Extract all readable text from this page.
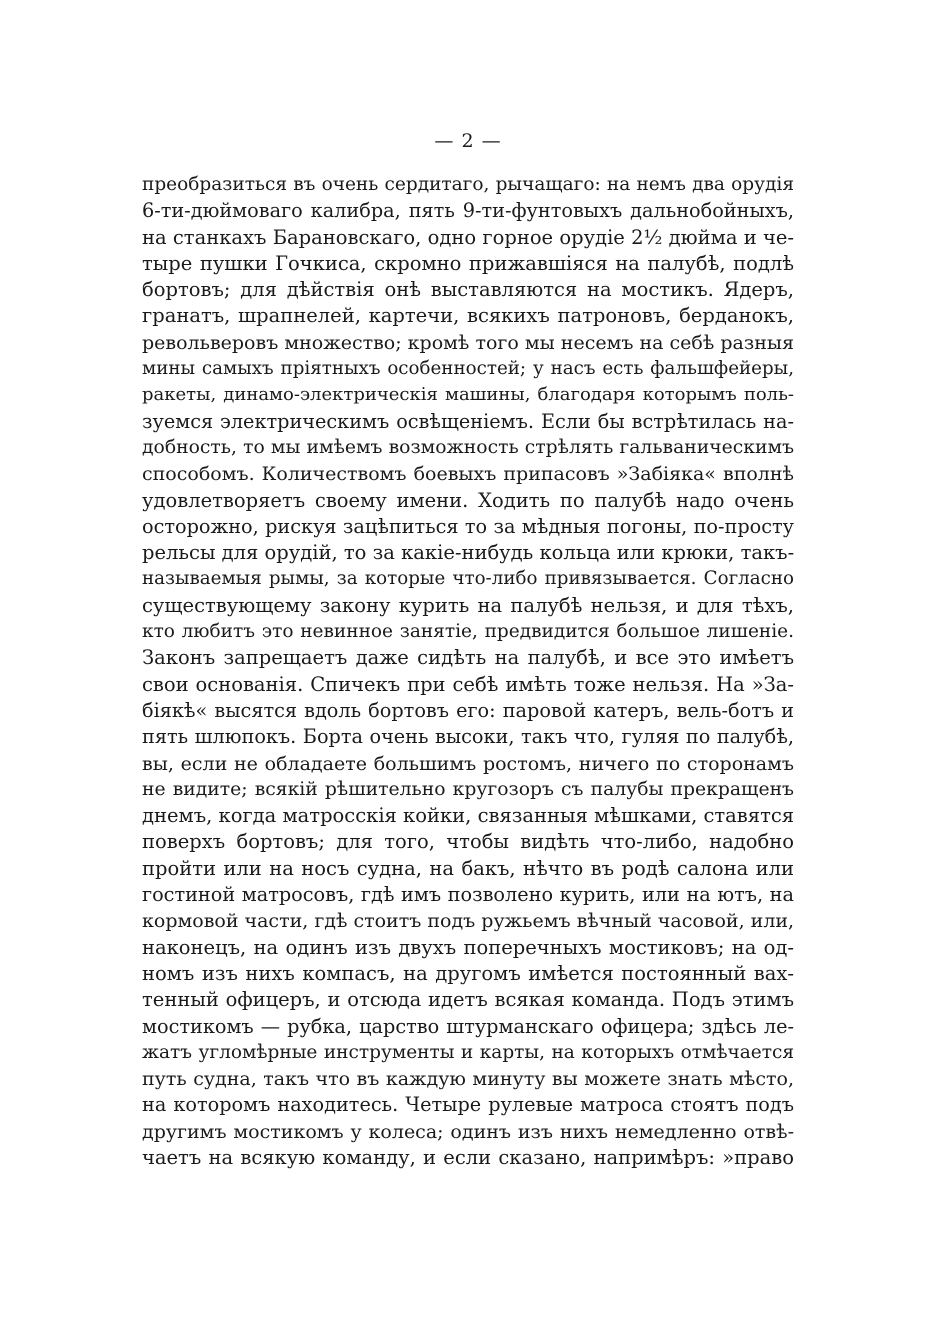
— 2 —
преобразиться въ очень сердитаго, рычащаго: на немъ два орудія
6-ти-дюймоваго калибра, пять 9-ти-фунтовыхъ дальнобойныхъ,
на станкахъ Барановскаго, одно горное орудіе 2½ дюйма и че-
тыре пушки Гочкиса, скромно прижавшіяся на палубѣ, подлѣ
бортовъ; для дѣйствія онѣ выставляются на мостикъ. Ядеръ,
гранатъ, шрапнелей, картечи, всякихъ патроновъ, берданокъ,
револьверовъ множество; кромѣ того мы несемъ на себѣ разныя
мины самыхъ пріятныхъ особенностей; у насъ есть фальшфейеры,
ракеты, динамо-электрическія машины, благодаря которымъ поль-
зуемся электрическимъ освѣщеніемъ. Если бы встрѣтилась на-
добность, то мы имѣемъ возможность стрѣлять гальваническимъ
способомъ. Количествомъ боевыхъ припасовъ »Забіяка« вполнѣ
удовлетворяетъ своему имени. Ходить по палубѣ надо очень
осторожно, рискуя зацѣпиться то за мѣдныя погоны, по-просту
рельсы для орудій, то за какіе-нибудь кольца или крюки, такъ-
называемыя рымы, за которые что-либо привязывается. Согласно
существующему закону курить на палубѣ нельзя, и для тѣхъ,
кто любитъ это невинное занятіе, предвидится большое лишеніе.
Законъ запрещаетъ даже сидѣть на палубѣ, и все это имѣетъ
свои основанія. Спичекъ при себѣ имѣть тоже нельзя. На »За-
біякѣ« высятся вдоль бортовъ его: паровой катеръ, вель-ботъ и
пять шлюпокъ. Борта очень высоки, такъ что, гуляя по палубѣ,
вы, если не обладаете большимъ ростомъ, ничего по сторонамъ
не видите; всякій рѣшительно кругозоръ съ палубы прекращенъ
днемъ, когда матросскія койки, связанныя мѣшками, ставятся
поверхъ бортовъ; для того, чтобы видѣть что-либо, надобно
пройти или на носъ судна, на бакъ, нѣчто въ родѣ салона или
гостиной матросовъ, гдѣ имъ позволено курить, или на ютъ, на
кормовой части, гдѣ стоитъ подъ ружьемъ вѣчный часовой, или,
наконецъ, на одинъ изъ двухъ поперечныхъ мостиковъ; на од-
номъ изъ нихъ компасъ, на другомъ имѣется постоянный вах-
тенный офицеръ, и отсюда идетъ всякая команда. Подъ этимъ
мостикомъ — рубка, царство штурманскаго офицера; здѣсь ле-
жатъ угломѣрные инструменты и карты, на которыхъ отмѣчается
путь судна, такъ что въ каждую минуту вы можете знать мѣсто,
на которомъ находитесь. Четыре рулевые матроса стоятъ подъ
другимъ мостикомъ у колеса; одинъ изъ нихъ немедленно отвѣ-
чаетъ на всякую команду, и если сказано, напримѣръ: »право
